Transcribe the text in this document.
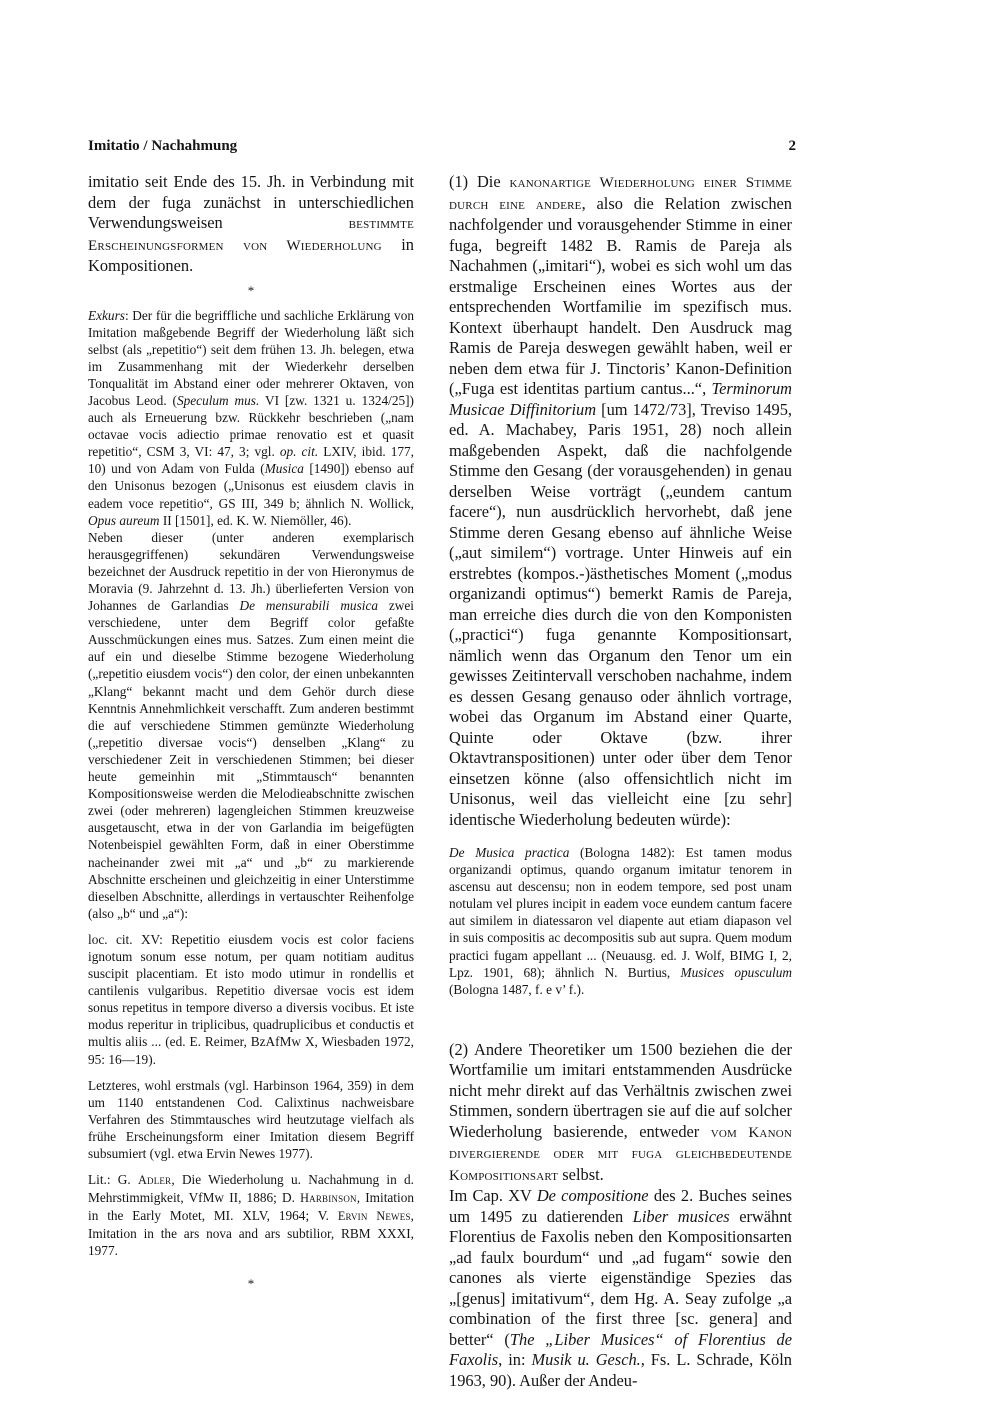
Imitatio / Nachahmung	2

imitatio seit Ende des 15. Jh. in Verbindung mit dem der fuga zunächst in unterschiedlichen Verwendungsweisen bestimmte Erscheinungsformen von Wiederholung in Kompositionen.

*

Exkurs: Der für die begriffliche und sachliche Erklärung von Imitation maßgebende Begriff der Wiederholung läßt sich selbst (als „repetitio“) seit dem frühen 13. Jh. belegen, etwa im Zusammenhang mit der Wiederkehr derselben Tonqualität im Abstand einer oder mehrerer Oktaven, von Jacobus Leod. (Speculum mus. VI [zw. 1321 u. 1324/25]) auch als Erneuerung bzw. Rückkehr beschrieben („nam octavae vocis adiectio primae renovatio est et quasit repetitio“, CSM 3, VI: 47, 3; vgl. op. cit. LXIV, ibid. 177, 10) und von Adam von Fulda (Musica [1490]) ebenso auf den Unisonus bezogen („Unisonus est eiusdem clavis in eadem voce repetitio“, GS III, 349 b; ähnlich N. Wollick, Opus aureum II [1501], ed. K. W. Niemöller, 46).

Neben dieser (unter anderen exemplarisch herausgegriffenen) sekundären Verwendungsweise bezeichnet der Ausdruck repetitio in der von Hieronymus de Moravia (9. Jahrzehnt d. 13. Jh.) überlieferten Version von Johannes de Garlandias De mensurabili musica zwei verschiedene, unter dem Begriff color gefaßte Ausschmückungen eines mus. Satzes. Zum einen meint die auf ein und dieselbe Stimme bezogene Wiederholung („repetitio eiusdem vocis“) den color, der einen unbekannten „Klang“ bekannt macht und dem Gehör durch diese Kenntnis Annehmlichkeit verschafft. Zum anderen bestimmt die auf verschiedene Stimmen gemünzte Wiederholung („repetitio diversae vocis“) denselben „Klang“ zu verschiedener Zeit in verschiedenen Stimmen; bei dieser heute gemeinhin mit „Stimmtausch“ benannten Kompositionsweise werden die Melodieabschnitte zwischen zwei (oder mehreren) lagengleichen Stimmen kreuzweise ausgetauscht, etwa in der von Garlandia im beigefügten Notenbeispiel gewählten Form, daß in einer Oberstimme nacheinander zwei mit „a“ und „b“ zu markierende Abschnitte erscheinen und gleichzeitig in einer Unterstimme dieselben Abschnitte, allerdings in vertauschter Reihenfolge (also „b“ und „a“):

loc. cit. XV: Repetitio eiusdem vocis est color faciens ignotum sonum esse notum, per quam notitiam auditus suscipit placentiam. Et isto modo utimur in rondellis et cantilenis vulgaribus. Repetitio diversae vocis est idem sonus repetitus in tempore diverso a diversis vocibus. Et iste modus reperitur in triplicibus, quadruplicibus et conductis et multis aliis ... (ed. E. Reimer, BzAfMw X, Wiesbaden 1972, 95: 16—19).

Letzteres, wohl erstmals (vgl. Harbinson 1964, 359) in dem um 1140 entstandenen Cod. Calixtinus nachweisbare Verfahren des Stimmtausches wird heutzutage vielfach als frühe Erscheinungsform einer Imitation diesem Begriff subsumiert (vgl. etwa Ervin Newes 1977).

Lit.: G. Adler, Die Wiederholung u. Nachahmung in d. Mehrstimmigkeit, VfMw II, 1886; D. Harbinson, Imitation in the Early Motet, MI. XLV, 1964; V. Ervin Newes, Imitation in the ars nova and ars subtilior, RBM XXXI, 1977.

*

(1) Die kanonartige Wiederholung einer Stimme durch eine andere, also die Relation zwischen nachfolgender und vorausgehender Stimme in einer fuga, begreift 1482 B. Ramis de Pareja als Nachahmen („imitari“), wobei es sich wohl um das erstmalige Erscheinen eines Wortes aus der entsprechenden Wortfamilie im spezifisch mus. Kontext überhaupt handelt. Den Ausdruck mag Ramis de Pareja deswegen gewählt haben, weil er neben dem etwa für J. Tinctoris’ Kanon-Definition („Fuga est identitas partium cantus...“, Terminorum Musicae Diffinitorium [um 1472/73], Treviso 1495, ed. A. Machabey, Paris 1951, 28) noch allein maßgebenden Aspekt, daß die nachfolgende Stimme den Gesang (der vorausgehenden) in genau derselben Weise vorträgt („eundem cantum facere“), nun ausdrücklich hervorhebt, daß jene Stimme deren Gesang ebenso auf ähnliche Weise („aut similem“) vortrage. Unter Hinweis auf ein erstrebtes (kompos.-)ästhetisches Moment („modus organizandi optimus“) bemerkt Ramis de Pareja, man erreiche dies durch die von den Komponisten („practici“) fuga genannte Kompositionsart, nämlich wenn das Organum den Tenor um ein gewisses Zeitintervall verschoben nachahme, indem es dessen Gesang genauso oder ähnlich vortrage, wobei das Organum im Abstand einer Quarte, Quinte oder Oktave (bzw. ihrer Oktavtranspositionen) unter oder über dem Tenor einsetzen könne (also offensichtlich nicht im Unisonus, weil das vielleicht eine [zu sehr] identische Wiederholung bedeuten würde):

De Musica practica (Bologna 1482): Est tamen modus organizandi optimus, quando organum imitatur tenorem in ascensu aut descensu; non in eodem tempore, sed post unam notulam vel plures incipit in eadem voce eundem cantum facere aut similem in diatessaron vel diapente aut etiam diapason vel in suis compositis ac decompositis sub aut supra. Quem modum practici fugam appellant ... (Neuausg. ed. J. Wolf, BIMG I, 2, Lpz. 1901, 68); ähnlich N. Burtius, Musices opusculum (Bologna 1487, f. e v’ f.).

(2) Andere Theoretiker um 1500 beziehen die der Wortfamilie um imitari entstammenden Ausdrücke nicht mehr direkt auf das Verhältnis zwischen zwei Stimmen, sondern übertragen sie auf die auf solcher Wiederholung basierende, entweder vom Kanon divergierende oder mit fuga gleichbedeutende Kompositionsart selbst.

Im Cap. XV De compositione des 2. Buches seines um 1495 zu datierenden Liber musices erwähnt Florentius de Faxolis neben den Kompositionsarten „ad faulx bourdum“ und „ad fugam“ sowie den canones als vierte eigenständige Spezies das „[genus] imitativum“, dem Hg. A. Seay zufolge „a combination of the first three [sc. genera] and better“ (The „Liber Musices“ of Florentius de Faxolis, in: Musik u. Gesch., Fs. L. Schrade, Köln 1963, 90). Außer der Andeu-
